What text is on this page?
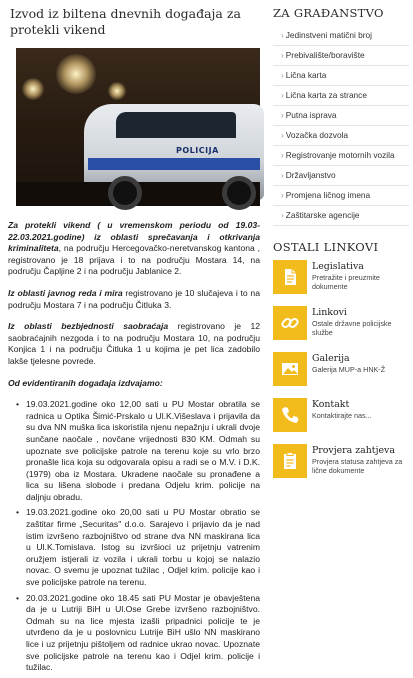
Izvod iz biltena dnevnih događaja za protekli vikend
POLICIJA

Za protekli vikend ( u vremenskom periodu od 19.03-22.03.2021.godine) iz oblasti sprečavanja i otkrivanja kriminaliteta, na području Hercegovačko-neretvanskog kantona , registrovano je 18 prijava i to na području Mostara 14, na području Čapljine 2 i na području Jablanice 2.

Iz oblasti javnog reda i mira registrovano je 10 slučajeva i to na području Mostara 7 i na području Čitluka 3.

Iz oblasti bezbjednosti saobraćaja registrovano je 12 saobraćajnih nezgoda i to na području Mostara 10, na području Konjica 1 i na području Čitluka 1 u kojima je pet lica zadobilo lakše tjelesne povrede.

Od evidentiranih događaja izdvajamo:

• 19.03.2021.godine oko 12,00 sati u PU Mostar obratila se radnica u Optika Šimić-Prskalo u Ul.K.Višeslava i prijavila da su dva NN muška lica iskoristila njenu nepažnju i ukrali dvoje sunčane naočale , novčane vrijednosti 830 KM. Odmah su upoznate sve policijske patrole na terenu koje su vrlo brzo pronašle lica koja su odgovarala opisu a radi se o M.V. i D.K. (1979) oba iz Mostara. Ukradene naočale su pronađene a lica su lišena slobode i predana Odjelu krim. policije na daljnju obradu.
• 19.03.2021.godine oko 20,00 sati u PU Mostar obratio se zaštitar firme „Securitas" d.o.o. Sarajevo i prijavio da je nad istim izvršeno razbojništvo od strane dva NN maskirana lica u Ul.K.Tomislava. Istog su izvršioci uz prijetnju vatrenim oružjem istjerali iz vozila i ukrali torbu u kojoj se nalazio novac. O svemu je upoznat tužilac , Odjel krim. policije kao i sve policijske patrole na terenu.
• 20.03.2021.godine oko 18.45 sati PU Mostar je obavještena da je u Lutriji BiH u Ul.Ose Grebe izvršeno razbojništvo. Odmah su na lice mjesta izašli pripadnici policije te je utvrđeno da je u poslovnicu Lutrije BiH ušlo NN maskirano lice i uz prijetnju pištoljem od radnice ukrao novac. Upoznate sve policijske patrole na terenu kao i Odjel krim. policije i tužilac.
ZA GRAĐANSTVO
› Jedinstveni matični broj
› Prebivalište/boravište
› Lična karta
› Lična karta za strance
› Putna isprava
› Vozačka dozvola
› Registrovanje motornih vozila
› Državljanstvo
› Promjena ličnog imena
› Zaštitarske agencije
OSTALI LINKOVI
Legislativa
Pretražite i preuzmite dokumente
Linkovi
Ostale državne policijske službe
Galerija
Galerija MUP-a HNK-Ž
Kontakt
Kontaktirajte nas...
Provjera zahtjeva
Provjera statusa zahtjeva za lične dokumente
